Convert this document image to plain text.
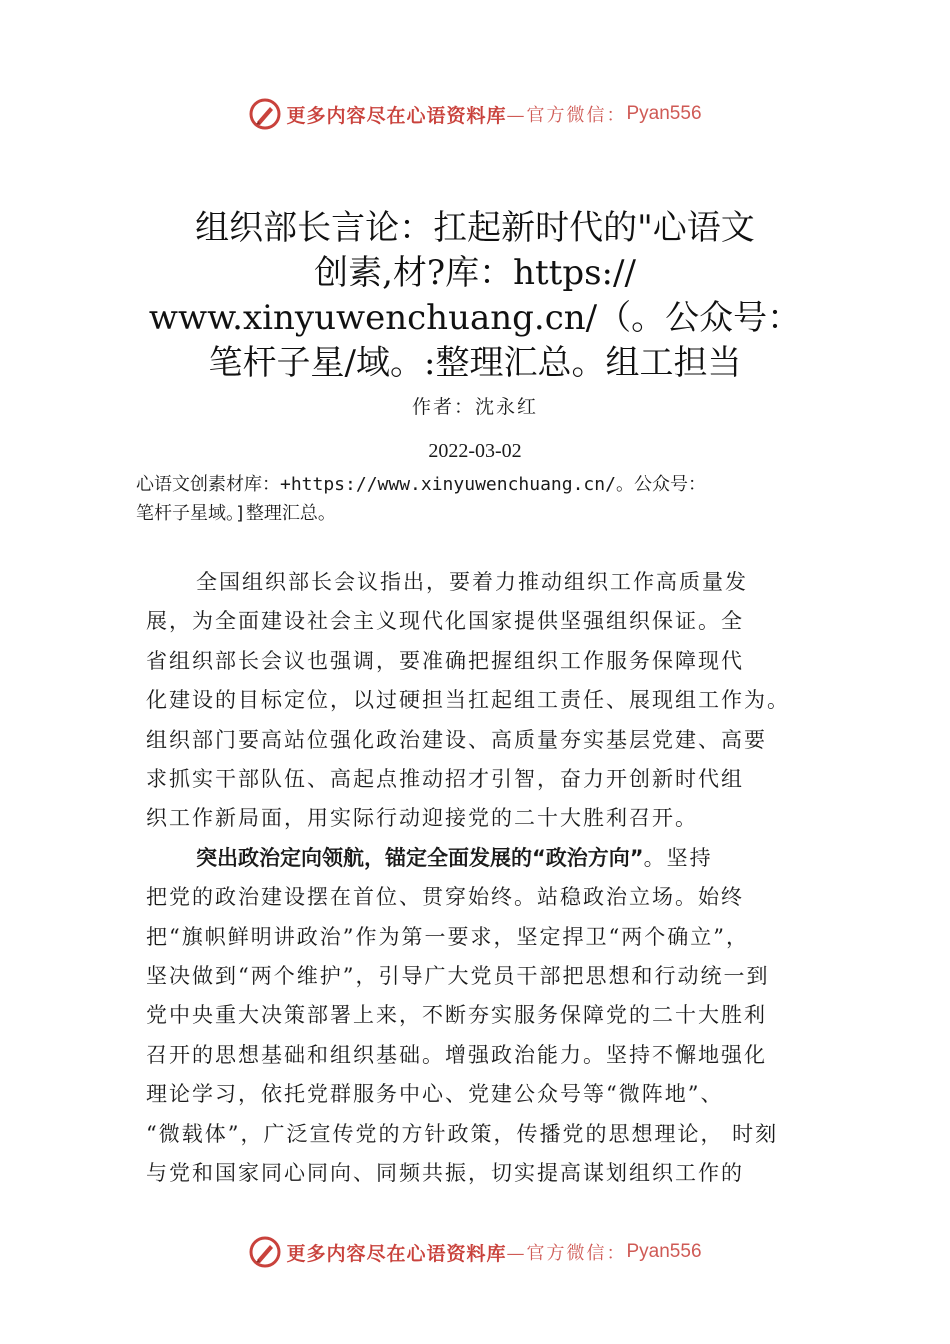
更多内容尽在心语资料库 —官方微信： Pyan556
组织部长言论：扛起新时代的"心语文
创素,材?库：https://
www.xinyuwenchuang.cn/（。公众号：
笔杆子星/域。:整理汇总。组工担当
作者：沈永红
2022-03-02
心语文创素材库：+https://www.xinyuwenchuang.cn/。公众号：
笔杆子星域。]整理汇总。
全国组织部长会议指出，要着力推动组织工作高质量发
展，为全面建设社会主义现代化国家提供坚强组织保证。全
省组织部长会议也强调，要准确把握组织工作服务保障现代
化建设的目标定位，以过硬担当扛起组工责任、展现组工作为。
组织部门要高站位强化政治建设、高质量夯实基层党建、高要
求抓实干部队伍、高起点推动招才引智，奋力开创新时代组
织工作新局面，用实际行动迎接党的二十大胜利召开。
突出政治定向领航，锚定全面发展的“政治方向”。坚持
把党的政治建设摆在首位、贯穿始终。站稳政治立场。始终
把“旗帜鲜明讲政治”作为第一要求，坚定捍卫“两个确立”，
坚决做到“两个维护”，引导广大党员干部把思想和行动统一到
党中央重大决策部署上来，不断夯实服务保障党的二十大胜利
召开的思想基础和组织基础。增强政治能力。坚持不懈地强化
理论学习，依托党群服务中心、党建公众号等“微阵地”、
“微载体”，广泛宣传党的方针政策，传播党的思想理论， 时刻
与党和国家同心同向、同频共振，切实提高谋划组织工作的
更多内容尽在心语资料库 —官方微信： Pyan556
